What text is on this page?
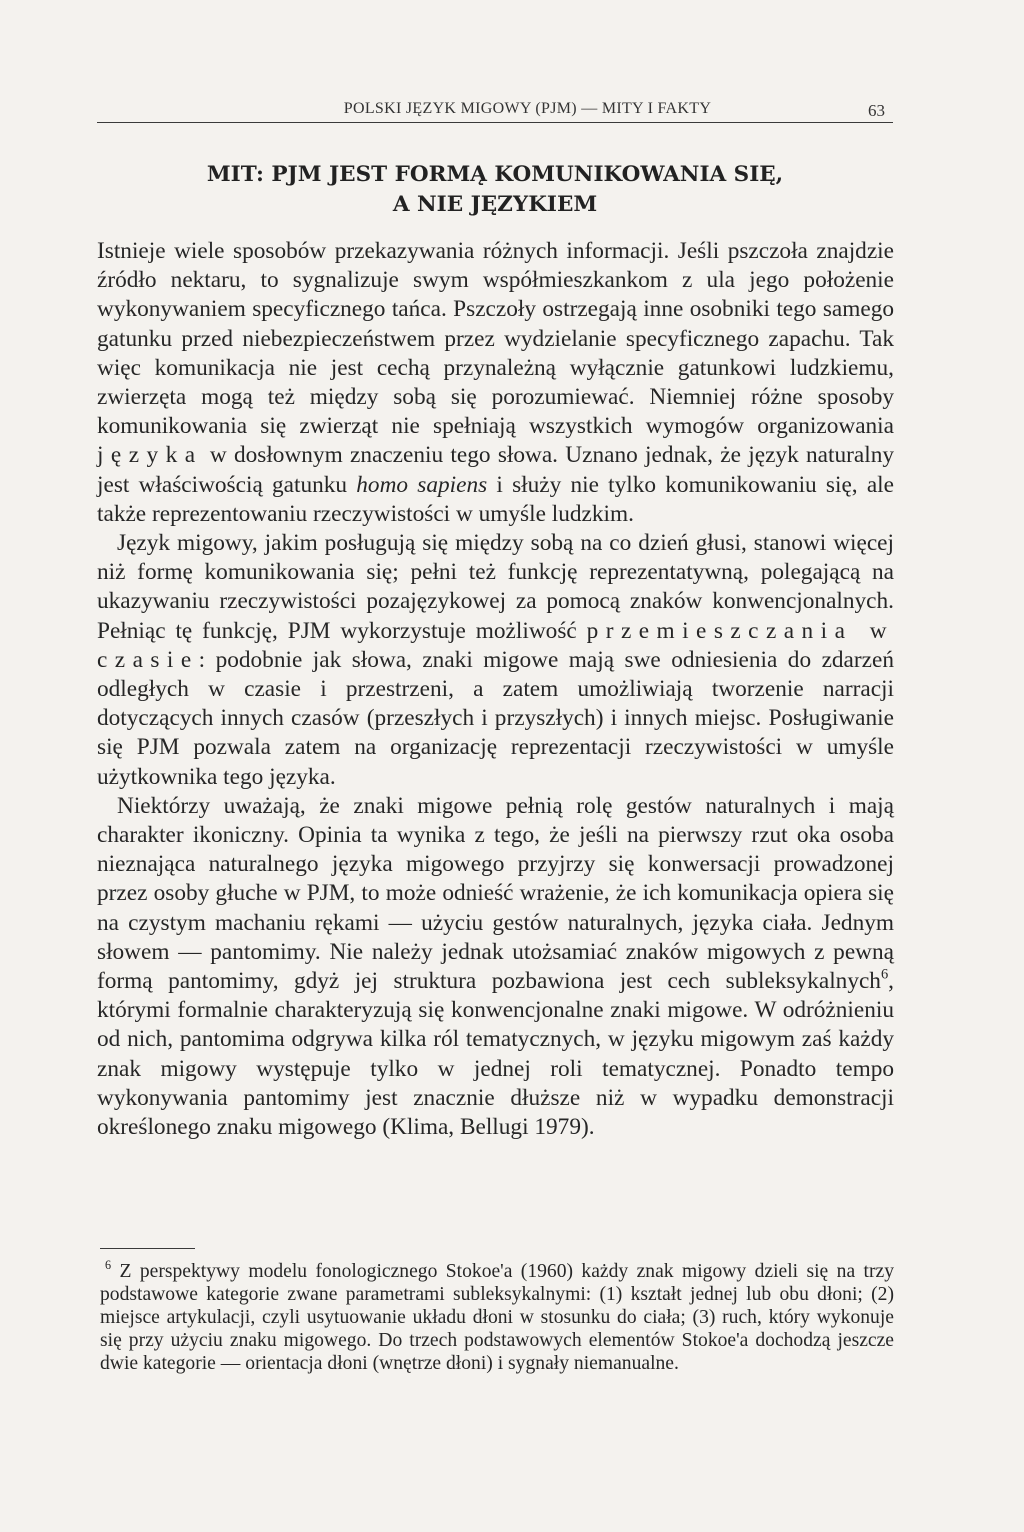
POLSKI JĘZYK MIGOWY (PJM) — MITY I FAKTY	63
MIT: PJM JEST FORMĄ KOMUNIKOWANIA SIĘ,
A NIE JĘZYKIEM

Istnieje wiele sposobów przekazywania różnych informacji. Jeśli pszczoła znajdzie źródło nektaru, to sygnalizuje swym współmieszkankom z ula jego położenie wykonywaniem specyficznego tańca. Pszczoły ostrzegają inne osobniki tego samego gatunku przed niebezpieczeństwem przez wydzielanie specyficznego zapachu. Tak więc komunikacja nie jest cechą przynależną wyłącznie gatunkowi ludzkiemu, zwierzęta mogą też między sobą się porozumiewać. Niemniej różne sposoby komunikowania się zwierząt nie spełniają wszystkich wymogów organizowania języka w dosłownym znaczeniu tego słowa. Uznano jednak, że język naturalny jest właściwością gatunku homo sapiens i służy nie tylko komunikowaniu się, ale także reprezentowaniu rzeczywistości w umyśle ludzkim.

Język migowy, jakim posługują się między sobą na co dzień głusi, stanowi więcej niż formę komunikowania się; pełni też funkcję reprezentatywną, polegającą na ukazywaniu rzeczywistości pozajęzykowej za pomocą znaków konwencjonalnych. Pełniąc tę funkcję, PJM wykorzystuje możliwość przemieszczania w czasie: podobnie jak słowa, znaki migowe mają swe odniesienia do zdarzeń odległych w czasie i przestrzeni, a zatem umożliwiają tworzenie narracji dotyczących innych czasów (przeszłych i przyszłych) i innych miejsc. Posługiwanie się PJM pozwala zatem na organizację reprezentacji rzeczywistości w umyśle użytkownika tego języka.

Niektórzy uważają, że znaki migowe pełnią rolę gestów naturalnych i mają charakter ikoniczny. Opinia ta wynika z tego, że jeśli na pierwszy rzut oka osoba nieznająca naturalnego języka migowego przyjrzy się konwersacji prowadzonej przez osoby głuche w PJM, to może odnieść wrażenie, że ich komunikacja opiera się na czystym machaniu rękami — użyciu gestów naturalnych, języka ciała. Jednym słowem — pantomimy. Nie należy jednak utożsamiać znaków migowych z pewną formą pantomimy, gdyż jej struktura pozbawiona jest cech subleksykalnych$^6$, którymi formalnie charakteryzują się konwencjonalne znaki migowe. W odróżnieniu od nich, pantomima odgrywa kilka ról tematycznych, w języku migowym zaś każdy znak migowy występuje tylko w jednej roli tematycznej. Ponadto tempo wykonywania pantomimy jest znacznie dłuższe niż w wypadku demonstracji określonego znaku migowego (Klima, Bellugi 1979).

$^6$ Z perspektywy modelu fonologicznego Stokoe'a (1960) każdy znak migowy dzieli się na trzy podstawowe kategorie zwane parametrami subleksykalnymi: (1) kształt jednej lub obu dłoni; (2) miejsce artykulacji, czyli usytuowanie układu dłoni w stosunku do ciała; (3) ruch, który wykonuje się przy użyciu znaku migowego. Do trzech podstawowych elementów Stokoe'a dochodzą jeszcze dwie kategorie — orientacja dłoni (wnętrze dłoni) i sygnały niemanualne.
